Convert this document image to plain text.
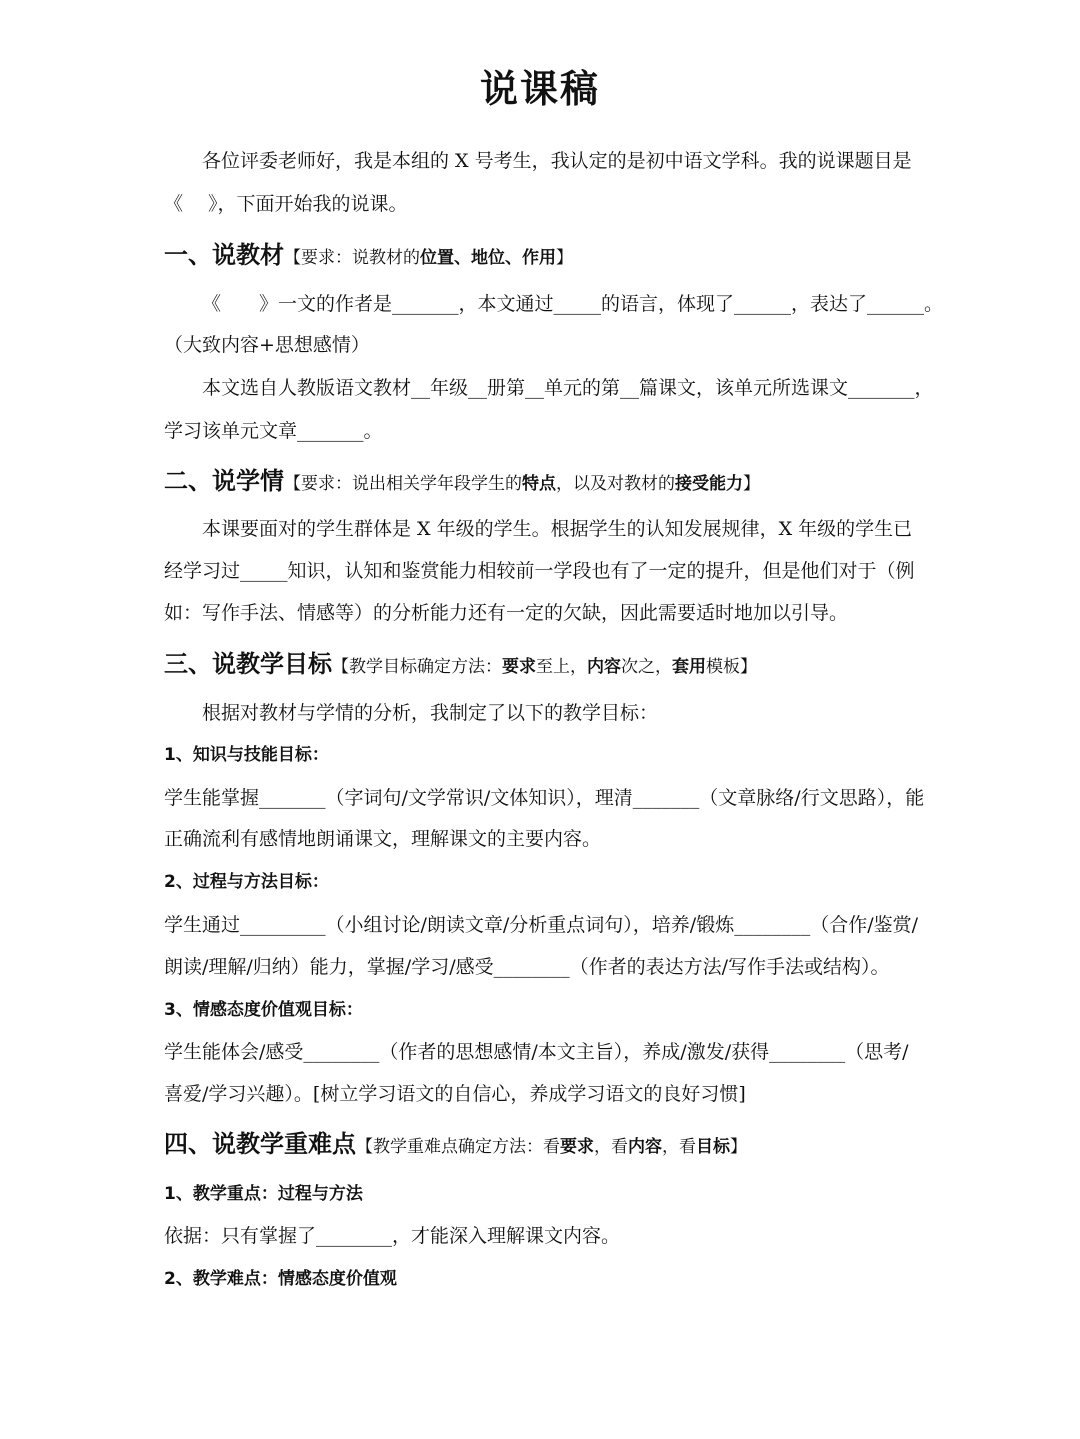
说课稿
各位评委老师好，我是本组的 X 号考生，我认定的是初中语文学科。我的说课题目是
《　 》，下面开始我的说课。
一、说教材【要求：说教材的位置、地位、作用】
《　　》一文的作者是_______，本文通过_____的语言，体现了______，表达了______。
（大致内容+思想感情）
本文选自人教版语文教材__年级__册第__单元的第__篇课文，该单元所选课文_______，
学习该单元文章_______。
二、说学情【要求：说出相关学年段学生的特点，以及对教材的接受能力】
本课要面对的学生群体是 X 年级的学生。根据学生的认知发展规律，X 年级的学生已
经学习过_____知识，认知和鉴赏能力相较前一学段也有了一定的提升，但是他们对于（例
如：写作手法、情感等）的分析能力还有一定的欠缺，因此需要适时地加以引导。
三、说教学目标【教学目标确定方法：要求至上，内容次之，套用模板】
根据对教材与学情的分析，我制定了以下的教学目标：
1、知识与技能目标：
学生能掌握_______（字词句/文学常识/文体知识），理清_______（文章脉络/行文思路），能
正确流利有感情地朗诵课文，理解课文的主要内容。
2、过程与方法目标：
学生通过_________（小组讨论/朗读文章/分析重点词句），培养/锻炼________（合作/鉴赏/
朗读/理解/归纳）能力，掌握/学习/感受________（作者的表达方法/写作手法或结构）。
3、情感态度价值观目标：
学生能体会/感受________（作者的思想感情/本文主旨），养成/激发/获得________（思考/
喜爱/学习兴趣）。[树立学习语文的自信心，养成学习语文的良好习惯]
四、说教学重难点【教学重难点确定方法：看要求，看内容，看目标】
1、教学重点：过程与方法
依据：只有掌握了________，才能深入理解课文内容。
2、教学难点：情感态度价值观
